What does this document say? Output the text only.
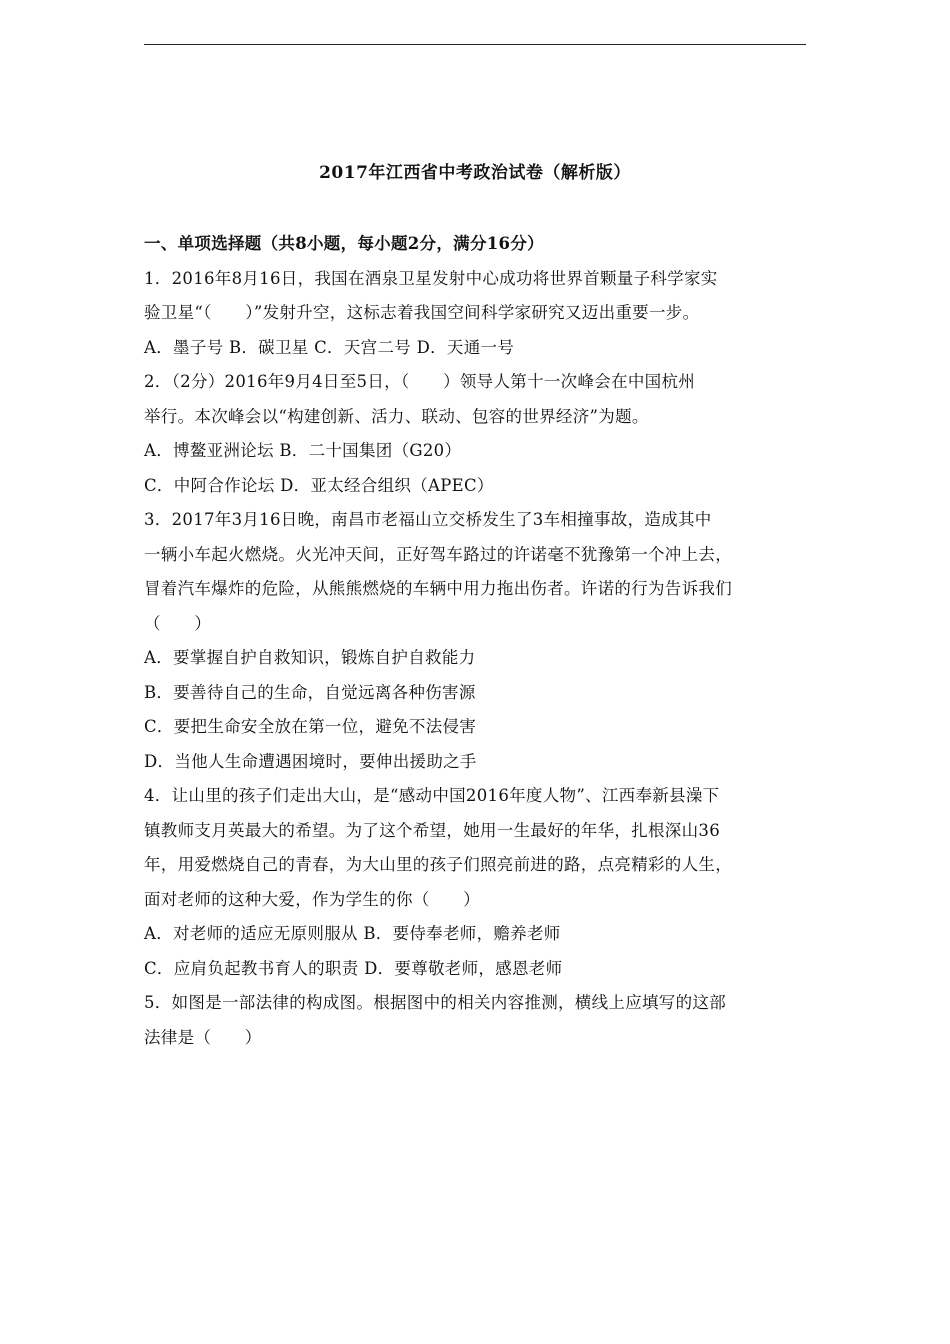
2017年江西省中考政治试卷（解析版）
一、单项选择题（共8小题，每小题2分，满分16分）
1．2016年8月16日，我国在酒泉卫星发射中心成功将世界首颗量子科学家实
验卫星“（　　）”发射升空，这标志着我国空间科学家研究又迈出重要一步。
A．墨子号 B．碳卫星 C．天宫二号 D．天通一号
2．（2分）2016年9月4日至5日，（　　）领导人第十一次峰会在中国杭州
举行。本次峰会以“构建创新、活力、联动、包容的世界经济”为题。
A．博鳌亚洲论坛 B．二十国集团（G20）
C．中阿合作论坛 D．亚太经合组织（APEC）
3．2017年3月16日晚，南昌市老福山立交桥发生了3车相撞事故，造成其中
一辆小车起火燃烧。火光冲天间，正好驾车路过的许诺毫不犹豫第一个冲上去，
冒着汽车爆炸的危险，从熊熊燃烧的车辆中用力拖出伤者。许诺的行为告诉我们
（　　）
A．要掌握自护自救知识，锻炼自护自救能力
B．要善待自己的生命，自觉远离各种伤害源
C．要把生命安全放在第一位，避免不法侵害
D．当他人生命遭遇困境时，要伸出援助之手
4．让山里的孩子们走出大山，是“感动中国2016年度人物”、江西奉新县澡下
镇教师支月英最大的希望。为了这个希望，她用一生最好的年华，扎根深山36
年，用爱燃烧自己的青春，为大山里的孩子们照亮前进的路，点亮精彩的人生，
面对老师的这种大爱，作为学生的你（　　）
A．对老师的适应无原则服从 B．要侍奉老师，赡养老师
C．应肩负起教书育人的职责 D．要尊敬老师，感恩老师
5．如图是一部法律的构成图。根据图中的相关内容推测，横线上应填写的这部
法律是（　　）
